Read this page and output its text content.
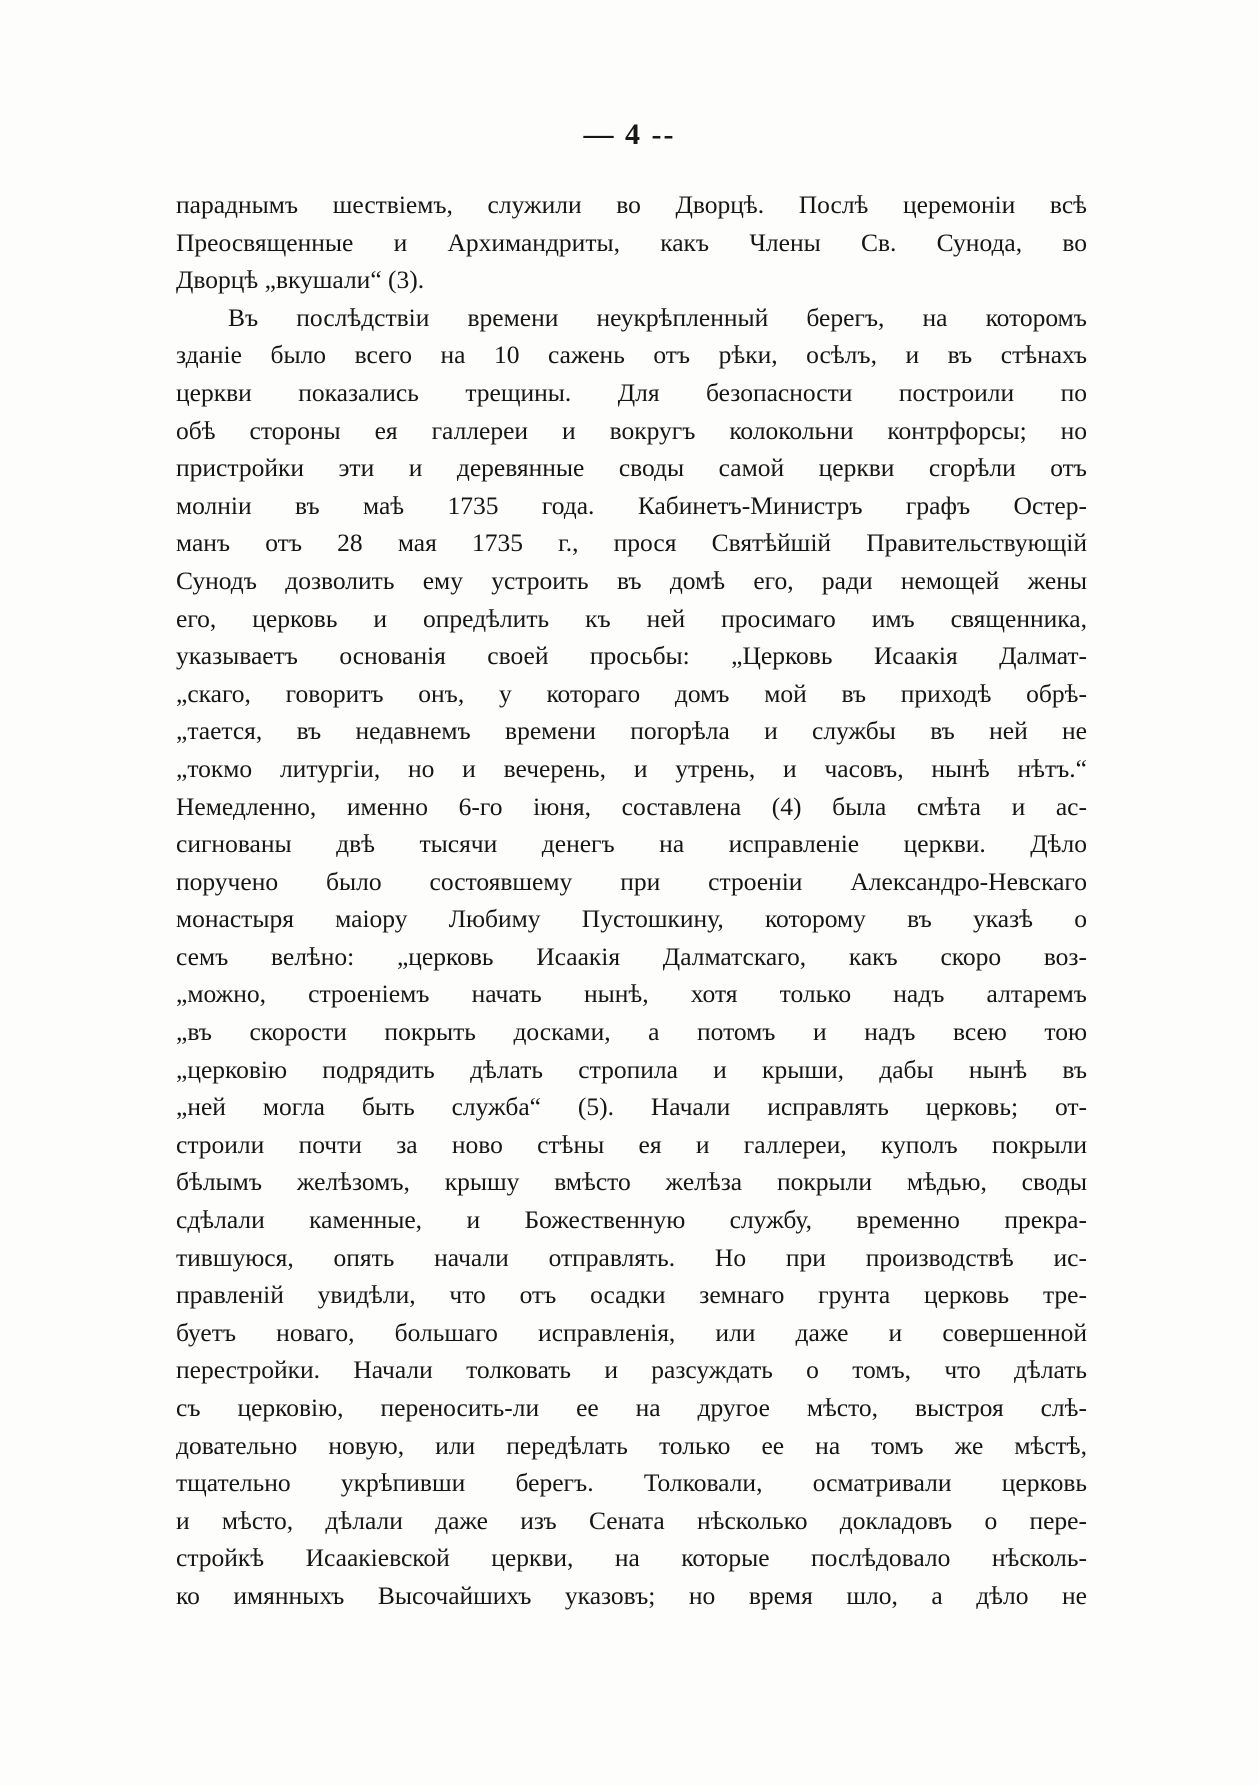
— 4 --
параднымъ шествіемъ, служили во Дворцѣ. Послѣ церемоніи всѣ
Преосвященные и Архимандриты, какъ Члены Св. Сунода, во
Дворцѣ „вкушали“ (3).
Въ послѣдствіи времени неукрѣпленный берегъ, на которомъ
зданіе было всего на 10 сажень отъ рѣки, осѣлъ, и въ стѣнахъ
церкви показались трещины. Для безопасности построили по
обѣ стороны ея галлереи и вокругъ колокольни контрфорсы; но
пристройки эти и деревянные своды самой церкви сгорѣли отъ
молніи въ маѣ 1735 года. Кабинетъ-Министръ графъ Остер-
манъ отъ 28 мая 1735 г., прося Святѣйшій Правительствующій
Сунодъ дозволить ему устроить въ домѣ его, ради немощей жены
его, церковь и опредѣлить къ ней просимаго имъ священника,
указываетъ основанія своей просьбы: „Церковь Исаакія Далмат-
„скаго, говоритъ онъ, у котораго домъ мой въ приходѣ обрѣ-
„тается, въ недавнемъ времени погорѣла и службы въ ней не
„токмо литургіи, но и вечерень, и утрень, и часовъ, нынѣ нѣтъ.“
Немедленно, именно 6-го іюня, составлена (4) была смѣта и ас-
сигнованы двѣ тысячи денегъ на исправленіе церкви. Дѣло
поручено было состоявшему при строеніи Александро-Невскаго
монастыря маіору Любиму Пустошкину, которому въ указѣ о
семъ велѣно: „церковь Исаакія Далматскаго, какъ скоро воз-
„можно, строеніемъ начать нынѣ, хотя только надъ алтаремъ
„въ скорости покрыть досками, а потомъ и надъ всею тою
„церковію подрядить дѣлать стропила и крыши, дабы нынѣ въ
„ней могла быть служба“ (5). Начали исправлять церковь; от-
строили почти за ново стѣны ея и галлереи, куполъ покрыли
бѣлымъ желѣзомъ, крышу вмѣсто желѣза покрыли мѣдью, своды
сдѣлали каменные, и Божественную службу, временно прекра-
тившуюся, опять начали отправлять. Но при производствѣ ис-
правленій увидѣли, что отъ осадки земнаго грунта церковь тре-
буетъ новаго, большаго исправленія, или даже и совершенной
перестройки. Начали толковать и разсуждать о томъ, что дѣлать
съ церковію, переносить-ли ее на другое мѣсто, выстроя слѣ-
довательно новую, или передѣлать только ее на томъ же мѣстѣ,
тщательно укрѣпивши берегъ. Толковали, осматривали церковь
и мѣсто, дѣлали даже изъ Сената нѣсколько докладовъ о пере-
стройкѣ Исаакіевской церкви, на которые послѣдовало нѣсколь-
ко имянныхъ Высочайшихъ указовъ; но время шло, а дѣло не
